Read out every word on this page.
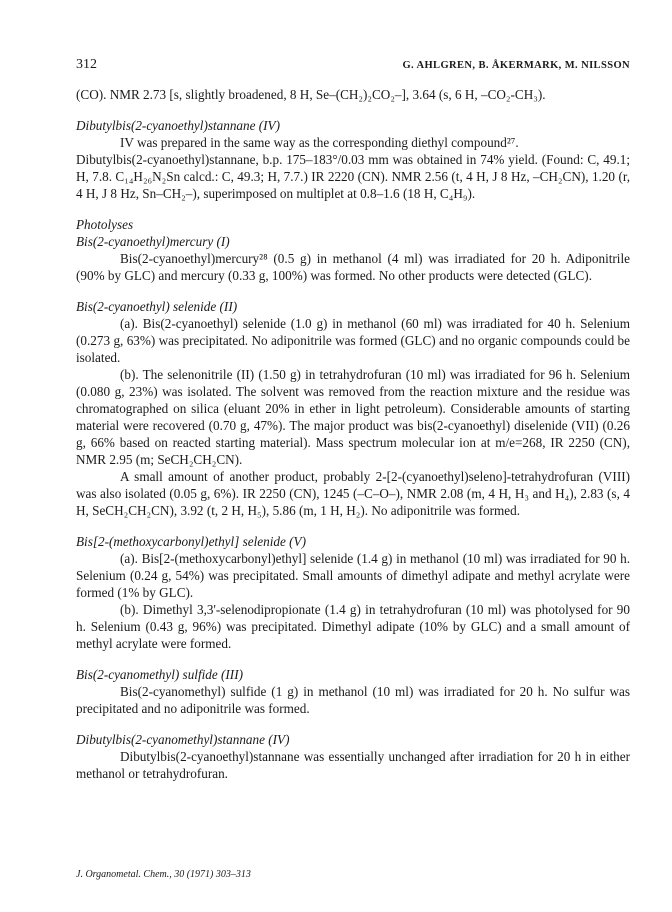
312	G. AHLGREN, B. ÅKERMARK, M. NILSSON

(CO). NMR 2.73 [s, slightly broadened, 8 H, Se–(CH₂)₂CO₂–], 3.64 (s, 6 H, –CO₂-CH₃).

Dibutylbis(2-cyanoethyl)stannane (IV)

IV was prepared in the same way as the corresponding diethyl compound²⁷.

Dibutylbis(2-cyanoethyl)stannane, b.p. 175–183°/0.03 mm was obtained in 74% yield. (Found: C, 49.1; H, 7.8. C₁₄H₂₆N₂Sn calcd.: C, 49.3; H, 7.7.) IR 2220 (CN). NMR 2.56 (t, 4 H, J 8 Hz, –CH₂CN), 1.20 (r, 4 H, J 8 Hz, Sn–CH₂–), superimposed on multiplet at 0.8–1.6 (18 H, C₄H₉).

Photolyses

Bis(2-cyanoethyl)mercury (I)

Bis(2-cyanoethyl)mercury²⁸ (0.5 g) in methanol (4 ml) was irradiated for 20 h. Adiponitrile (90% by GLC) and mercury (0.33 g, 100%) was formed. No other products were detected (GLC).

Bis(2-cyanoethyl) selenide (II)

(a). Bis(2-cyanoethyl) selenide (1.0 g) in methanol (60 ml) was irradiated for 40 h. Selenium (0.273 g, 63%) was precipitated. No adiponitrile was formed (GLC) and no organic compounds could be isolated.

(b). The selenonitrile (II) (1.50 g) in tetrahydrofuran (10 ml) was irradiated for 96 h. Selenium (0.080 g, 23%) was isolated. The solvent was removed from the reaction mixture and the residue was chromatographed on silica (eluant 20% in ether in light petroleum). Considerable amounts of starting material were recovered (0.70 g, 47%). The major product was bis(2-cyanoethyl) diselenide (VII) (0.26 g, 66% based on reacted starting material). Mass spectrum molecular ion at m/e=268, IR 2250 (CN), NMR 2.95 (m; SeCH₂CH₂CN).

A small amount of another product, probably 2-[2-(cyanoethyl)seleno]-tetrahydrofuran (VIII) was also isolated (0.05 g, 6%). IR 2250 (CN), 1245 (–C–O–), NMR 2.08 (m, 4 H, H₃ and H₄), 2.83 (s, 4 H, SeCH₂CH₂CN), 3.92 (t, 2 H, H₅), 5.86 (m, 1 H, H₂). No adiponitrile was formed.

Bis[2-(methoxycarbonyl)ethyl] selenide (V)

(a). Bis[2-(methoxycarbonyl)ethyl] selenide (1.4 g) in methanol (10 ml) was irradiated for 90 h. Selenium (0.24 g, 54%) was precipitated. Small amounts of dimethyl adipate and methyl acrylate were formed (1% by GLC).

(b). Dimethyl 3,3'-selenodipropionate (1.4 g) in tetrahydrofuran (10 ml) was photolysed for 90 h. Selenium (0.43 g, 96%) was precipitated. Dimethyl adipate (10% by GLC) and a small amount of methyl acrylate were formed.

Bis(2-cyanomethyl) sulfide (III)

Bis(2-cyanomethyl) sulfide (1 g) in methanol (10 ml) was irradiated for 20 h. No sulfur was precipitated and no adiponitrile was formed.

Dibutylbis(2-cyanomethyl)stannane (IV)

Dibutylbis(2-cyanoethyl)stannane was essentially unchanged after irradiation for 20 h in either methanol or tetrahydrofuran.

J. Organometal. Chem., 30 (1971) 303–313
